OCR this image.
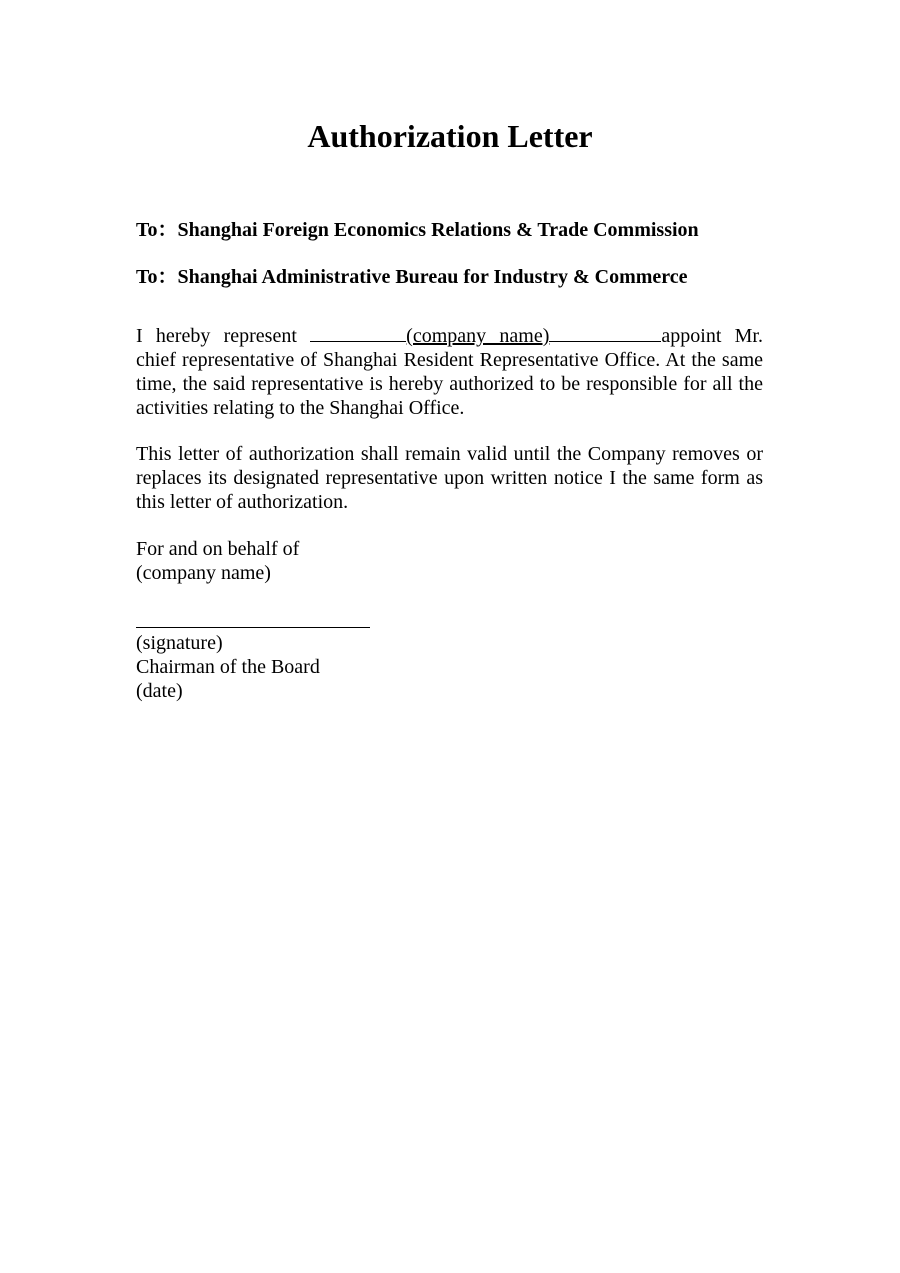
Authorization Letter
To：Shanghai Foreign Economics Relations & Trade Commission
To：Shanghai Administrative Bureau for Industry & Commerce
I hereby represent	(company name)	appoint Mr. chief representative of Shanghai Resident Representative Office. At the same time, the said representative is hereby authorized to be responsible for all the activities relating to the Shanghai Office.
This letter of authorization shall remain valid until the Company removes or replaces its designated representative upon written notice I the same form as this letter of authorization.
For and on behalf of
(company name)
(signature)
Chairman of the Board
(date)
